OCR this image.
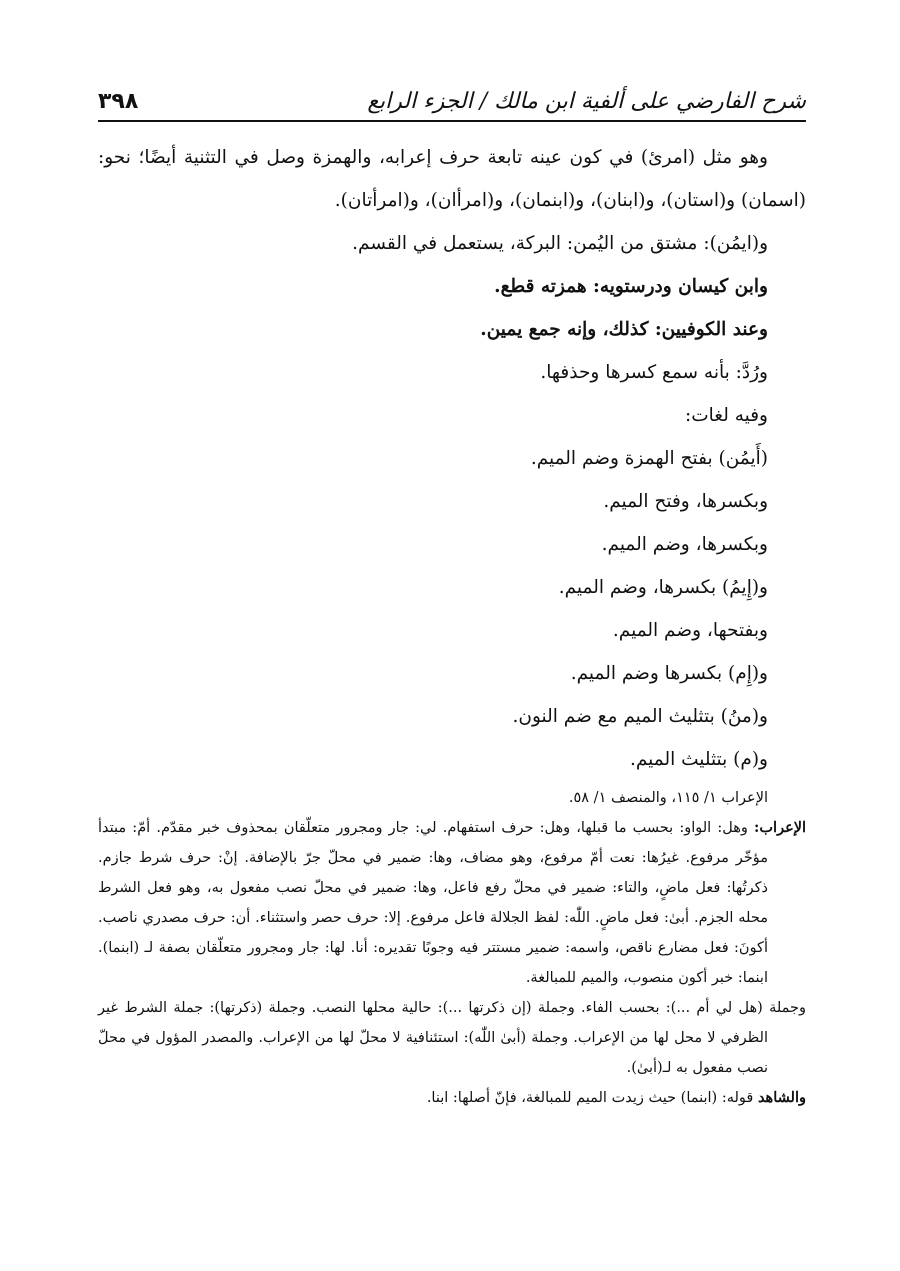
شرح الفارضي على ألفية ابن مالك / الجزء الرابع
٣٩٨

وهو مثل (امرئ) في كون عينه تابعة حرف إعرابه، والهمزة وصل في التثنية أيضًا؛ نحو: (اسمان) و(استان)، و(ابنان)، و(ابنمان)، و(امرأان)، و(امرأتان).

و(ايمُن): مشتق من اليُمن: البركة، يستعمل في القسم.

وابن كيسان ودرستويه: همزته قطع.

وعند الكوفيين: كذلك، وإنه جمع يمين.

ورُدَّ: بأنه سمع كسرها وحذفها.

وفيه لغات:

(أَيمُن) بفتح الهمزة وضم الميم.

وبكسرها، وفتح الميم.

وبكسرها، وضم الميم.

و(إِيمُ) بكسرها، وضم الميم.

وبفتحها، وضم الميم.

و(إِم) بكسرها وضم الميم.

و(منُ) بتثليث الميم مع ضم النون.

و(م) بتثليث الميم.

الإعراب ١/ ١١٥، والمنصف ١/ ٥٨.

الإعراب: وهل: الواو: بحسب ما قبلها، وهل: حرف استفهام. لي: جار ومجرور متعلّقان بمحذوف خبر مقدّم. أمّ: مبتدأ مؤخّر مرفوع. غيرُها: نعت أمّ مرفوع، وهو مضاف، وها: ضمير في محلّ جرّ بالإضافة. إنْ: حرف شرط جازم. ذكرتُها: فعل ماضٍ، والتاء: ضمير في محلّ رفع فاعل، وها: ضمير في محلّ نصب مفعول به، وهو فعل الشرط محله الجزم. أبىٰ: فعل ماضٍ. اللّٰه: لفظ الجلالة فاعل مرفوع. إلا: حرف حصر واستثناء. أن: حرف مصدري ناصب. أكونَ: فعل مضارع ناقص، واسمه: ضمير مستتر فيه وجوبًا تقديره: أنا. لها: جار ومجرور متعلّقان بصفة لـ (ابنما). ابنما: خبر أكون منصوب، والميم للمبالغة.

وجملة (هل لي أم ...): بحسب الفاء. وجملة (إن ذكرتها ...): حالية محلها النصب. وجملة (ذكرتها): جملة الشرط غير الظرفي لا محل لها من الإعراب. وجملة (أبىٰ اللّٰه): استئنافية لا محلّ لها من الإعراب. والمصدر المؤول في محلّ نصب مفعول به لـ(أبىٰ).

والشاهد قوله: (ابنما) حيث زيدت الميم للمبالغة، فإنّ أصلها: ابنا.
